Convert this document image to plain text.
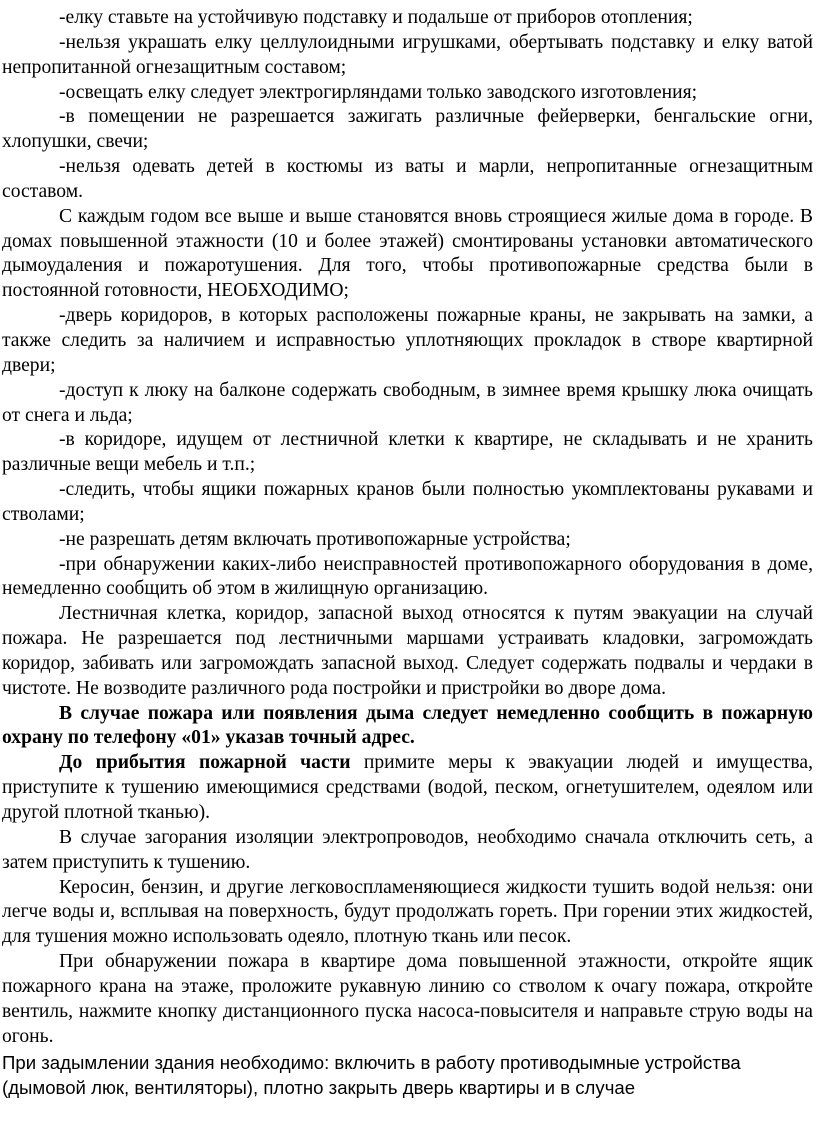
-елку ставьте на устойчивую подставку и подальше от приборов отопления;

-нельзя украшать елку целлулоидными игрушками, обертывать подставку и елку ватой непропитанной огнезащитным составом;

-освещать елку следует электрогирляндами только заводского изготовления;

-в помещении не разрешается зажигать различные фейерверки, бенгальские огни, хлопушки, свечи;

-нельзя одевать детей в костюмы из ваты и марли, непропитанные огнезащитным составом.

С каждым годом все выше и выше становятся вновь строящиеся жилые дома в городе. В домах повышенной этажности (10 и более этажей) смонтированы установки автоматического дымоудаления и пожаротушения. Для того, чтобы противопожарные средства были в постоянной готовности, НЕОБХОДИМО;

-дверь коридоров, в которых расположены пожарные краны, не закрывать на замки, а также следить за наличием и исправностью уплотняющих прокладок в створе квартирной двери;

-доступ к люку на балконе содержать свободным, в зимнее время крышку люка очищать от снега и льда;

-в коридоре, идущем от лестничной клетки к квартире, не складывать и не хранить различные вещи мебель и т.п.;

-следить, чтобы ящики пожарных кранов были полностью укомплектованы рукавами и стволами;

-не разрешать детям включать противопожарные устройства;

-при обнаружении каких-либо неисправностей противопожарного оборудования в доме, немедленно сообщить об этом в жилищную организацию.

Лестничная клетка, коридор, запасной выход относятся к путям эвакуации на случай пожара. Не разрешается под лестничными маршами устраивать кладовки, загромождать коридор, забивать или загромождать запасной выход. Следует содержать подвалы и чердаки в чистоте. Не возводите различного рода постройки и пристройки во дворе дома.

В случае пожара или появления дыма следует немедленно сообщить в пожарную охрану по телефону «01» указав точный адрес.

До прибытия пожарной части примите меры к эвакуации людей и имущества, приступите к тушению имеющимися средствами (водой, песком, огнетушителем, одеялом или другой плотной тканью).

В случае загорания изоляции электропроводов, необходимо сначала отключить сеть, а затем приступить к тушению.

Керосин, бензин, и другие легковоспламеняющиеся жидкости тушить водой нельзя: они легче воды и, всплывая на поверхность, будут продолжать гореть. При горении этих жидкостей, для тушения можно использовать одеяло, плотную ткань или песок.

При обнаружении пожара в квартире дома повышенной этажности, откройте ящик пожарного крана на этаже, проложите рукавную линию со стволом к очагу пожара, откройте вентиль, нажмите кнопку дистанционного пуска насоса-повысителя и направьте струю воды на огонь.

При задымлении здания необходимо: включить в работу противодымные устройства (дымовой люк, вентиляторы), плотно закрыть дверь квартиры и в случае
